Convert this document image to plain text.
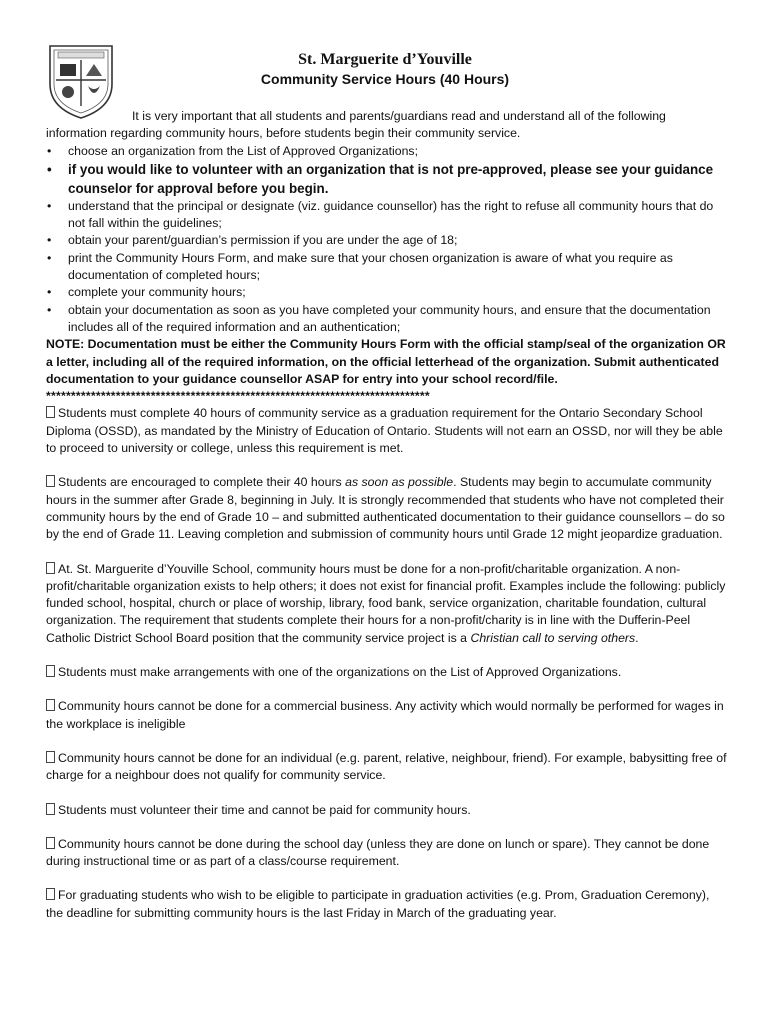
St. Marguerite d’Youville
Community Service Hours (40 Hours)

It is very important that all students and parents/guardians read and understand all of the following information regarding community hours, before students begin their community service.

• choose an organization from the List of Approved Organizations;
• if you would like to volunteer with an organization that is not pre-approved, please see your guidance counselor for approval before you begin.
• understand that the principal or designate (viz. guidance counsellor) has the right to refuse all community hours that do not fall within the guidelines;
• obtain your parent/guardian’s permission if you are under the age of 18;
• print the Community Hours Form, and make sure that your chosen organization is aware of what you require as documentation of completed hours;
• complete your community hours;
• obtain your documentation as soon as you have completed your community hours, and ensure that the documentation includes all of the required information and an authentication;

NOTE: Documentation must be either the Community Hours Form with the official stamp/seal of the organization OR a letter, including all of the required information, on the official letterhead of the organization. Submit authenticated documentation to your guidance counsellor ASAP for entry into your school record/file.

*****************************************************************************

Students must complete 40 hours of community service as a graduation requirement for the Ontario Secondary School Diploma (OSSD), as mandated by the Ministry of Education of Ontario. Students will not earn an OSSD, nor will they be able to proceed to university or college, unless this requirement is met.

Students are encouraged to complete their 40 hours as soon as possible. Students may begin to accumulate community hours in the summer after Grade 8, beginning in July. It is strongly recommended that students who have not completed their community hours by the end of Grade 10 – and submitted authenticated documentation to their guidance counsellors – do so by the end of Grade 11. Leaving completion and submission of community hours until Grade 12 might jeopardize graduation.

At. St. Marguerite d’Youville School, community hours must be done for a non-profit/charitable organization. A non-profit/charitable organization exists to help others; it does not exist for financial profit. Examples include the following: publicly funded school, hospital, church or place of worship, library, food bank, service organization, charitable foundation, cultural organization. The requirement that students complete their hours for a non-profit/charity is in line with the Dufferin-Peel Catholic District School Board position that the community service project is a Christian call to serving others.

Students must make arrangements with one of the organizations on the List of Approved Organizations.

Community hours cannot be done for a commercial business. Any activity which would normally be performed for wages in the workplace is ineligible

Community hours cannot be done for an individual (e.g. parent, relative, neighbour, friend). For example, babysitting free of charge for a neighbour does not qualify for community service.

Students must volunteer their time and cannot be paid for community hours.

Community hours cannot be done during the school day (unless they are done on lunch or spare). They cannot be done during instructional time or as part of a class/course requirement.

For graduating students who wish to be eligible to participate in graduation activities (e.g. Prom, Graduation Ceremony), the deadline for submitting community hours is the last Friday in March of the graduating year.
